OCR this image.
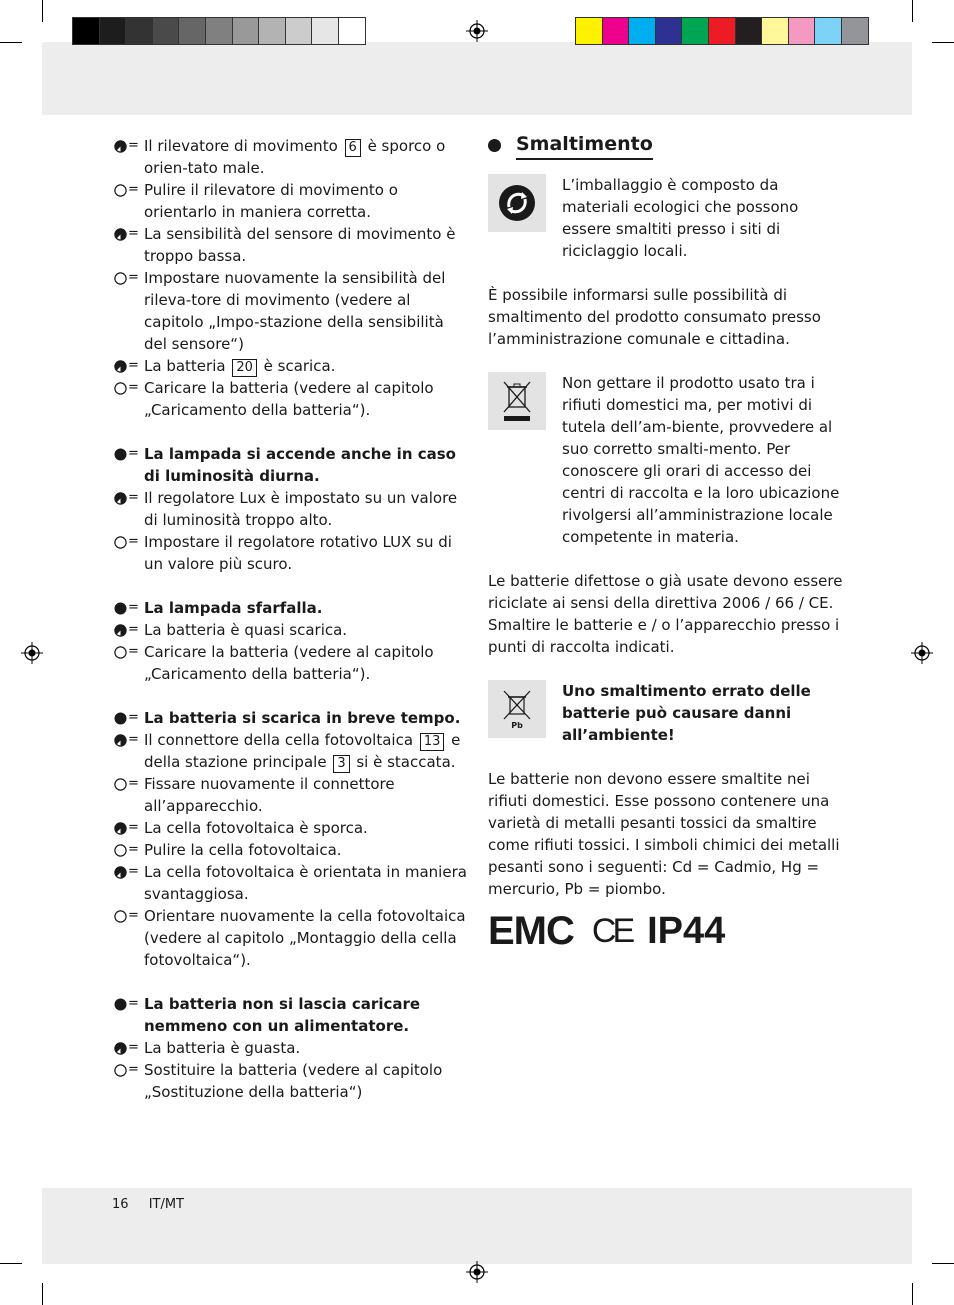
= Il rilevatore di movimento 6 è sporco o orien-tato male.
= Pulire il rilevatore di movimento o orientarlo in maniera corretta.
= La sensibilità del sensore di movimento è troppo bassa.
= Impostare nuovamente la sensibilità del rileva-tore di movimento (vedere al capitolo „Impo-stazione della sensibilità del sensore“)
= La batteria 20 è scarica.
= Caricare la batteria (vedere al capitolo „Caricamento della batteria“).
= La lampada si accende anche in caso di luminosità diurna.
= Il regolatore Lux è impostato su un valore di luminosità troppo alto.
= Impostare il regolatore rotativo LUX su di un valore più scuro.
= La lampada sfarfalla.
= La batteria è quasi scarica.
= Caricare la batteria (vedere al capitolo „Caricamento della batteria“).
= La batteria si scarica in breve tempo.
= Il connettore della cella fotovoltaica 13 e della stazione principale 3 si è staccata.
= Fissare nuovamente il connettore all’apparecchio.
= La cella fotovoltaica è sporca.
= Pulire la cella fotovoltaica.
= La cella fotovoltaica è orientata in maniera svantaggiosa.
= Orientare nuovamente la cella fotovoltaica (vedere al capitolo „Montaggio della cella fotovoltaica“).
= La batteria non si lascia caricare nemmeno con un alimentatore.
= La batteria è guasta.
= Sostituire la batteria (vedere al capitolo „Sostituzione della batteria“)
Smaltimento
L’imballaggio è composto da materiali ecologici che possono essere smaltiti presso i siti di riciclaggio locali.
È possibile informarsi sulle possibilità di smaltimento del prodotto consumato presso l’amministrazione comunale e cittadina.
Non gettare il prodotto usato tra i rifiuti domestici ma, per motivi di tutela dell’am-biente, provvedere al suo corretto smalti-mento. Per conoscere gli orari di accesso dei centri di raccolta e la loro ubicazione rivolgersi all’amministrazione locale competente in materia.
Le batterie difettose o già usate devono essere riciclate ai sensi della direttiva 2006 / 66 / CE. Smaltire le batterie e / o l’apparecchio presso i punti di raccolta indicati.
Pb
Uno smaltimento errato delle batterie può causare danni all’ambiente!
Le batterie non devono essere smaltite nei rifiuti domestici. Esse possono contenere una varietà di metalli pesanti tossici da smaltire come rifiuti tossici. I simboli chimici dei metalli pesanti sono i seguenti: Cd = Cadmio, Hg = mercurio, Pb = piombo.
EMC CE IP44
16 IT/MT
